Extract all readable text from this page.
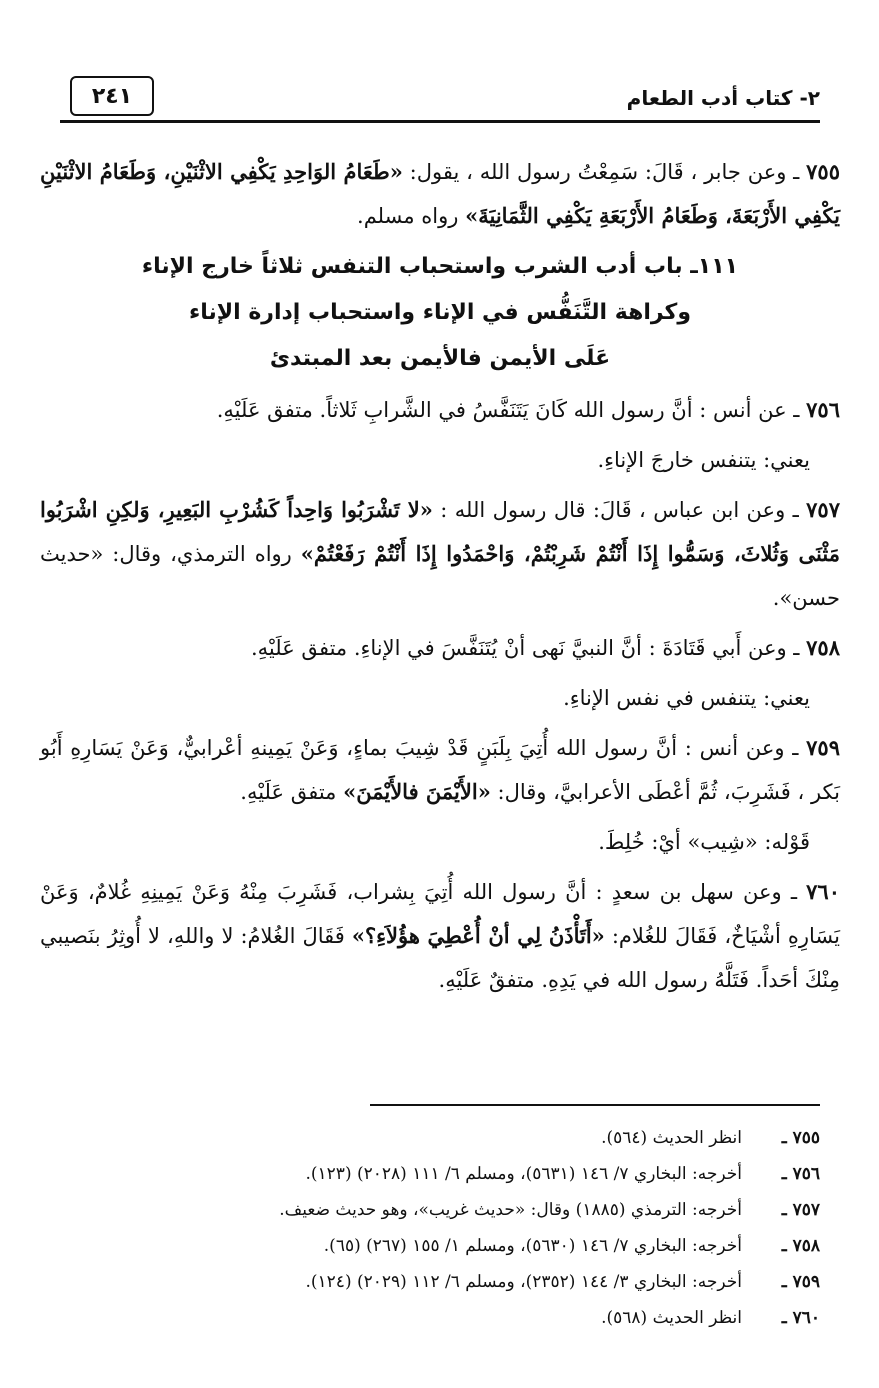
٢٤١	٢- كتاب أدب الطعام

٧٥٥ ـ وعن جابر ، قَالَ: سَمِعْتُ رسول الله ، يقول: «طَعَامُ الوَاحِدِ يَكْفِي الاثْنَيْنِ، وَطَعَامُ الاثْنَيْنِ يَكْفِي الأَرْبَعَةَ، وَطَعَامُ الأَرْبَعَةِ يَكْفِي الثَّمَانِيَةَ» رواه مسلم.

١١١ـ باب أدب الشرب واستحباب التنفس ثلاثاً خارج الإناء
وكراهة التَّنَفُّس في الإناء واستحباب إدارة الإناء
عَلَى الأيمن فالأيمن بعد المبتدئ

٧٥٦ ـ عن أنس : أنَّ رسول الله كَانَ يَتَنَفَّسُ في الشَّرابِ ثَلاثاً. متفق عَلَيْهِ.

يعني: يتنفس خارجَ الإناءِ.

٧٥٧ ـ وعن ابن عباس ، قَالَ: قال رسول الله : «لا تَشْرَبُوا وَاحِداً كَشُرْبِ البَعِيرِ، وَلكِنِ اشْرَبُوا مَثْنَى وَثُلاثَ، وَسَمُّوا إِذَا أَنْتُمْ شَرِبْتُمْ، وَاحْمَدُوا إِذَا أَنْتُمْ رَفَعْتُمْ» رواه الترمذي، وقال: «حديث حسن».

٧٥٨ ـ وعن أَبي قَتَادَةَ : أنَّ النبيَّ نَهى أنْ يُتَنَفَّسَ في الإناءِ. متفق عَلَيْهِ.

يعني: يتنفس في نفس الإناءِ.

٧٥٩ ـ وعن أنس : أنَّ رسول الله أُتِيَ بِلَبَنٍ قَدْ شِيبَ بماءٍ، وَعَنْ يَمِينهِ أعْرابيٌّ، وَعَنْ يَسَارِهِ أَبُو بَكر ، فَشَرِبَ، ثُمَّ أعْطَى الأعرابيَّ، وقال: «الأَيْمَنَ فالأَيْمَنَ» متفق عَلَيْهِ.

قَوْله: «شِيب» أيْ: خُلِطَ.

٧٦٠ ـ وعن سهل بن سعدٍ : أنَّ رسول الله أُتِيَ بِشراب، فَشَرِبَ مِنْهُ وَعَنْ يَمِينِهِ غُلامٌ، وَعَنْ يَسَارِهِ أشْيَاخٌ، فَقَالَ للغُلام: «أَتَأْذَنُ لِي أنْ أُعْطِيَ هؤُلاَءِ؟» فَقَالَ الغُلامُ: لا واللهِ، لا أُوثِرُ بنَصيبي مِنْكَ أحَداً. فَتَلَّهُ رسول الله في يَدِهِ. متفقٌ عَلَيْهِ.

٧٥٥ ـ
انظر الحديث (٥٦٤).
٧٥٦ ـ
أخرجه: البخاري ٧/ ١٤٦ (٥٦٣١)، ومسلم ٦/ ١١١ (٢٠٢٨) (١٢٣).
٧٥٧ ـ
أخرجه: الترمذي (١٨٨٥) وقال: «حديث غريب»، وهو حديث ضعيف.
٧٥٨ ـ
أخرجه: البخاري ٧/ ١٤٦ (٥٦٣٠)، ومسلم ١/ ١٥٥ (٢٦٧) (٦٥).
٧٥٩ ـ
أخرجه: البخاري ٣/ ١٤٤ (٢٣٥٢)، ومسلم ٦/ ١١٢ (٢٠٢٩) (١٢٤).
٧٦٠ ـ
انظر الحديث (٥٦٨).
